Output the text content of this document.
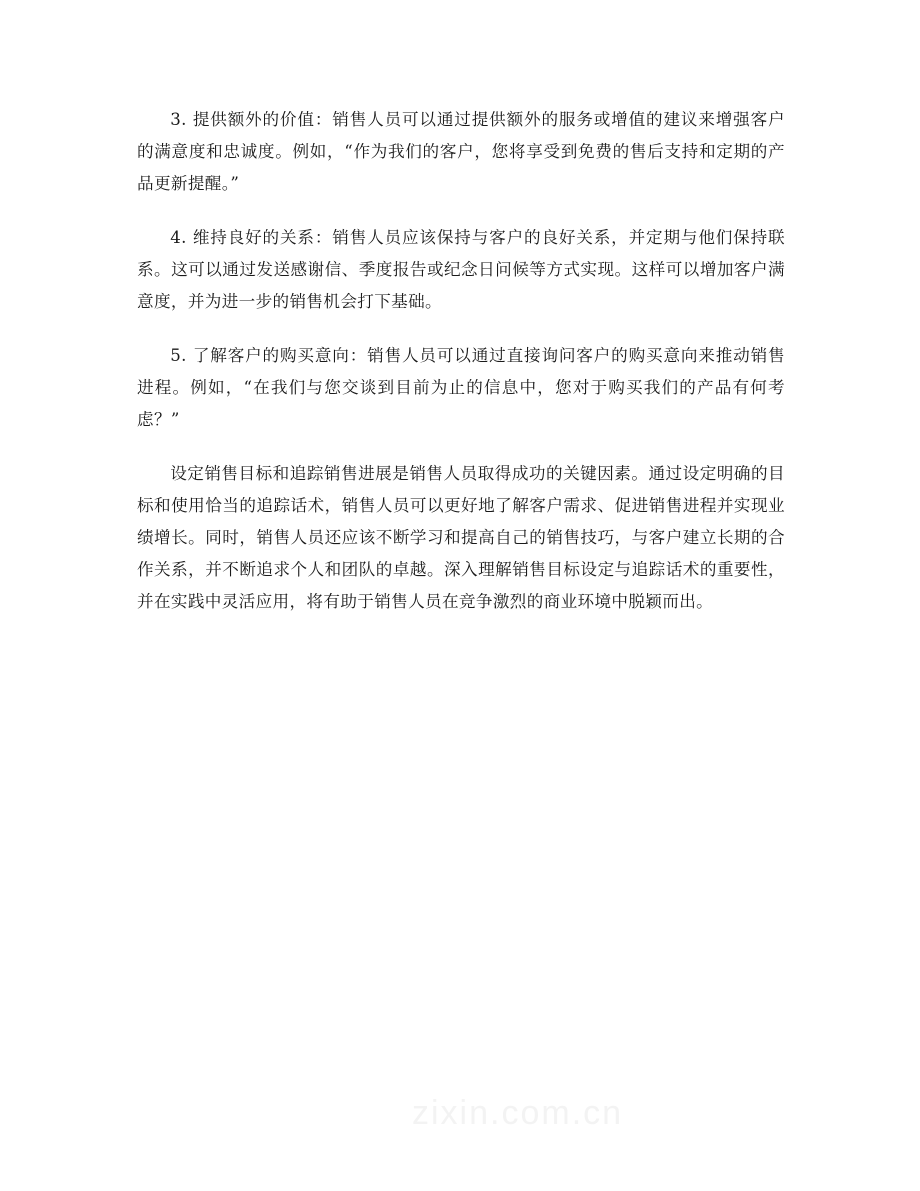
3. 提供额外的价值：销售人员可以通过提供额外的服务或增值的建议来增强客户的满意度和忠诚度。例如，“作为我们的客户，您将享受到免费的售后支持和定期的产品更新提醒。”

4. 维持良好的关系：销售人员应该保持与客户的良好关系，并定期与他们保持联系。这可以通过发送感谢信、季度报告或纪念日问候等方式实现。这样可以增加客户满意度，并为进一步的销售机会打下基础。

5. 了解客户的购买意向：销售人员可以通过直接询问客户的购买意向来推动销售进程。例如，“在我们与您交谈到目前为止的信息中，您对于购买我们的产品有何考虑？”

设定销售目标和追踪销售进展是销售人员取得成功的关键因素。通过设定明确的目标和使用恰当的追踪话术，销售人员可以更好地了解客户需求、促进销售进程并实现业绩增长。同时，销售人员还应该不断学习和提高自己的销售技巧，与客户建立长期的合作关系，并不断追求个人和团队的卓越。深入理解销售目标设定与追踪话术的重要性，并在实践中灵活应用，将有助于销售人员在竞争激烈的商业环境中脱颖而出。

zixin.com.cn
